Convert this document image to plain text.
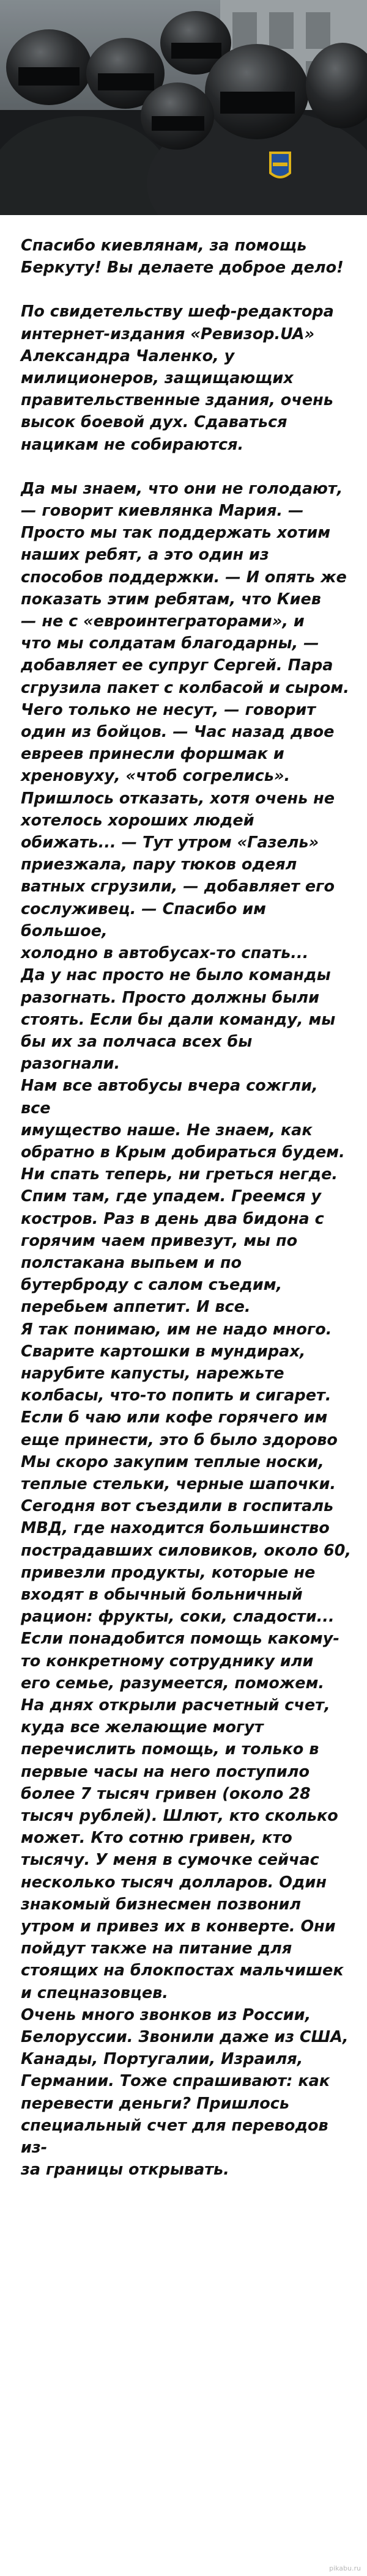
Спасибо киевлянам, за помощь
Беркуту! Вы делаете доброе дело!

По свидетельству шеф-редактора
интернет-издания «Ревизор.UA»
Александра Чаленко, у
милиционеров, защищающих
правительственные здания, очень
высок боевой дух. Сдаваться
нацикам не собираются.

Да мы знаем, что они не голодают,
— говорит киевлянка Мария. —
Просто мы так поддержать хотим
наших ребят, а это один из
способов поддержки. — И опять же
показать этим ребятам, что Киев
— не с «евроинтеграторами», и
что мы солдатам благодарны, —
добавляет ее супруг Сергей. Пара
сгрузила пакет с колбасой и сыром.
Чего только не несут, — говорит
один из бойцов. — Час назад двое
евреев принесли форшмак и
хреновуху, «чтоб согрелись».
Пришлось отказать, хотя очень не
хотелось хороших людей
обижать... — Тут утром «Газель»
приезжала, пару тюков одеял
ватных сгрузили, — добавляет его
сослуживец. — Спасибо им большое,
холодно в автобусах-то спать...
Да у нас просто не было команды
разогнать. Просто должны были
стоять. Если бы дали команду, мы
бы их за полчаса всех бы разогнали.
Нам все автобусы вчера сожгли, все
имущество наше. Не знаем, как
обратно в Крым добираться будем.
Ни спать теперь, ни греться негде.
Спим там, где упадем. Греемся у
костров. Раз в день два бидона с
горячим чаем привезут, мы по
полстакана выпьем и по
бутерброду с салом съедим,
перебьем аппетит. И все.
Я так понимаю, им не надо много.
Сварите картошки в мундирах,
нарубите капусты, нарежьте
колбасы, что-то попить и сигарет.
Если б чаю или кофе горячего им
еще принести, это б было здорово
Мы скоро закупим теплые носки,
теплые стельки, черные шапочки.
Сегодня вот съездили в госпиталь
МВД, где находится большинство
пострадавших силовиков, около 60,
привезли продукты, которые не
входят в обычный больничный
рацион: фрукты, соки, сладости...
Если понадобится помощь какому-
то конкретному сотруднику или
его семье, разумеется, поможем.
На днях открыли расчетный счет,
куда все желающие могут
перечислить помощь, и только в
первые часы на него поступило
более 7 тысяч гривен (около 28
тысяч рублей). Шлют, кто сколько
может. Кто сотню гривен, кто
тысячу. У меня в сумочке сейчас
несколько тысяч долларов. Один
знакомый бизнесмен позвонил
утром и привез их в конверте. Они
пойдут также на питание для
стоящих на блокпостах мальчишек
и спецназовцев.
Очень много звонков из России,
Белоруссии. Звонили даже из США,
Канады, Португалии, Израиля,
Германии. Тоже спрашивают: как
перевести деньги? Пришлось
специальный счет для переводов из-
за границы открывать.

pikabu.ru
